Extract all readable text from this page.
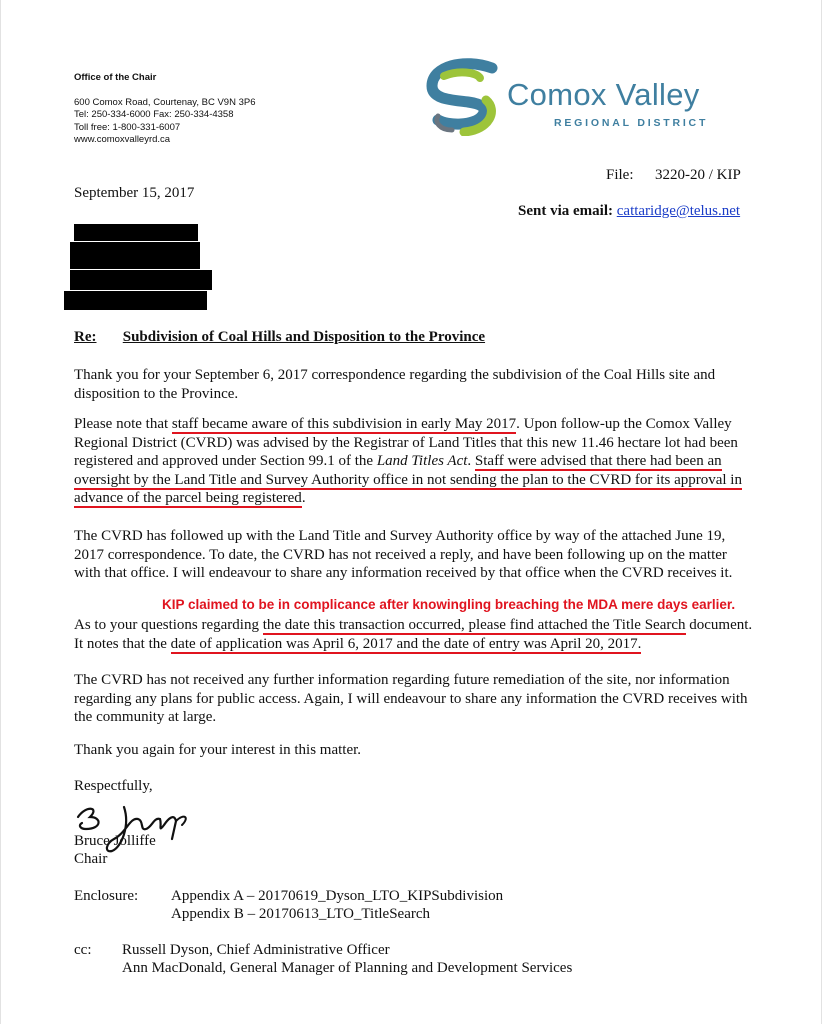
Office of the Chair
600 Comox Road, Courtenay, BC V9N 3P6
Tel: 250-334-6000 Fax: 250-334-4358
Toll free: 1-800-331-6007
www.comoxvalleyrd.ca
Comox Valley
REGIONAL DISTRICT
File: 3220-20 / KIP
September 15, 2017
Sent via email: cattaridge@telus.net
Re: Subdivision of Coal Hills and Disposition to the Province

Thank you for your September 6, 2017 correspondence regarding the subdivision of the Coal Hills site and disposition to the Province.

Please note that staff became aware of this subdivision in early May 2017. Upon follow-up the Comox Valley Regional District (CVRD) was advised by the Registrar of Land Titles that this new 11.46 hectare lot had been registered and approved under Section 99.1 of the Land Titles Act. Staff were advised that there had been an oversight by the Land Title and Survey Authority office in not sending the plan to the CVRD for its approval in advance of the parcel being registered.

The CVRD has followed up with the Land Title and Survey Authority office by way of the attached June 19, 2017 correspondence. To date, the CVRD has not received a reply, and have been following up on the matter with that office. I will endeavour to share any information received by that office when the CVRD receives it.

KIP claimed to be in complicance after knowingling breaching the MDA mere days earlier.

As to your questions regarding the date this transaction occurred, please find attached the Title Search document. It notes that the date of application was April 6, 2017 and the date of entry was April 20, 2017.

The CVRD has not received any further information regarding future remediation of the site, nor information regarding any plans for public access. Again, I will endeavour to share any information the CVRD receives with the community at large.

Thank you again for your interest in this matter.

Respectfully,
Bruce Jolliffe
Chair
Enclosure: Appendix A – 20170619_Dyson_LTO_KIPSubdivision
Appendix B – 20170613_LTO_TitleSearch
cc: Russell Dyson, Chief Administrative Officer
Ann MacDonald, General Manager of Planning and Development Services
